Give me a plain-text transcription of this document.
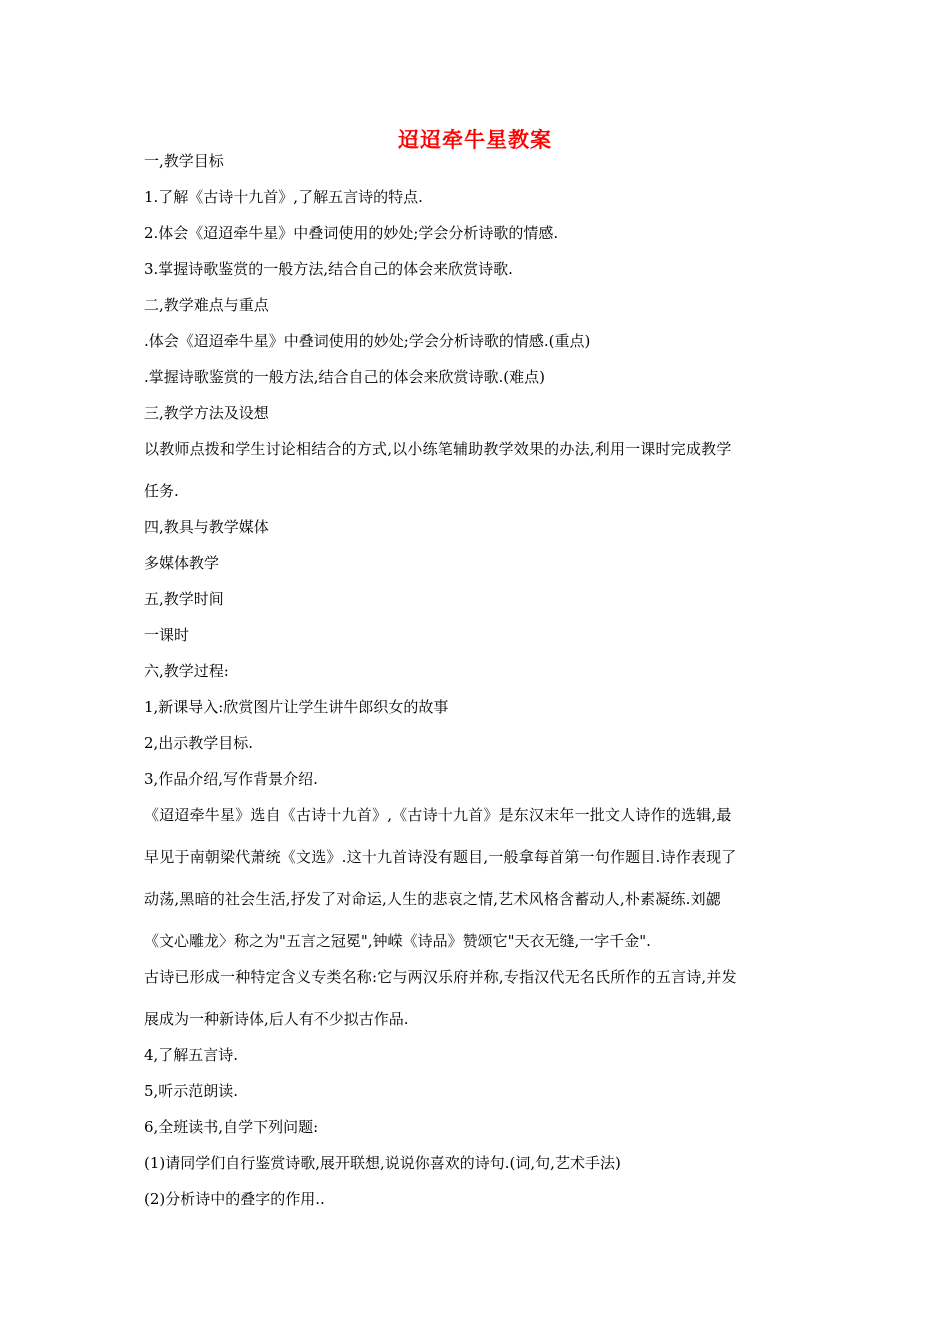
迢迢牵牛星教案
一,教学目标
1.了解《古诗十九首》,了解五言诗的特点.
2.体会《迢迢牵牛星》中叠词使用的妙处;学会分析诗歌的情感.
3.掌握诗歌鉴赏的一般方法,结合自己的体会来欣赏诗歌.
二,教学难点与重点
.体会《迢迢牵牛星》中叠词使用的妙处;学会分析诗歌的情感.(重点)
.掌握诗歌鉴赏的一般方法,结合自己的体会来欣赏诗歌.(难点)
三,教学方法及设想
以教师点拨和学生讨论相结合的方式,以小练笔辅助教学效果的办法,利用一课时完成教学
任务.
四,教具与教学媒体
多媒体教学
五,教学时间
一课时
六,教学过程:
1,新课导入:欣赏图片让学生讲牛郎织女的故事
2,出示教学目标.
3,作品介绍,写作背景介绍.
《迢迢牵牛星》选自《古诗十九首》,《古诗十九首》是东汉末年一批文人诗作的选辑,最
早见于南朝梁代萧统《文选》.这十九首诗没有题目,一般拿每首第一句作题目.诗作表现了
动荡,黑暗的社会生活,抒发了对命运,人生的悲哀之情,艺术风格含蓄动人,朴素凝练.刘勰
《文心雕龙〉称之为"五言之冠冕",钟嵘《诗品》赞颂它"天衣无缝,一字千金".
古诗已形成一种特定含义专类名称:它与两汉乐府并称,专指汉代无名氏所作的五言诗,并发
展成为一种新诗体,后人有不少拟古作品.
4,了解五言诗.
5,听示范朗读.
6,全班读书,自学下列问题:
(1)请同学们自行鉴赏诗歌,展开联想,说说你喜欢的诗句.(词,句,艺术手法)
(2)分析诗中的叠字的作用..
